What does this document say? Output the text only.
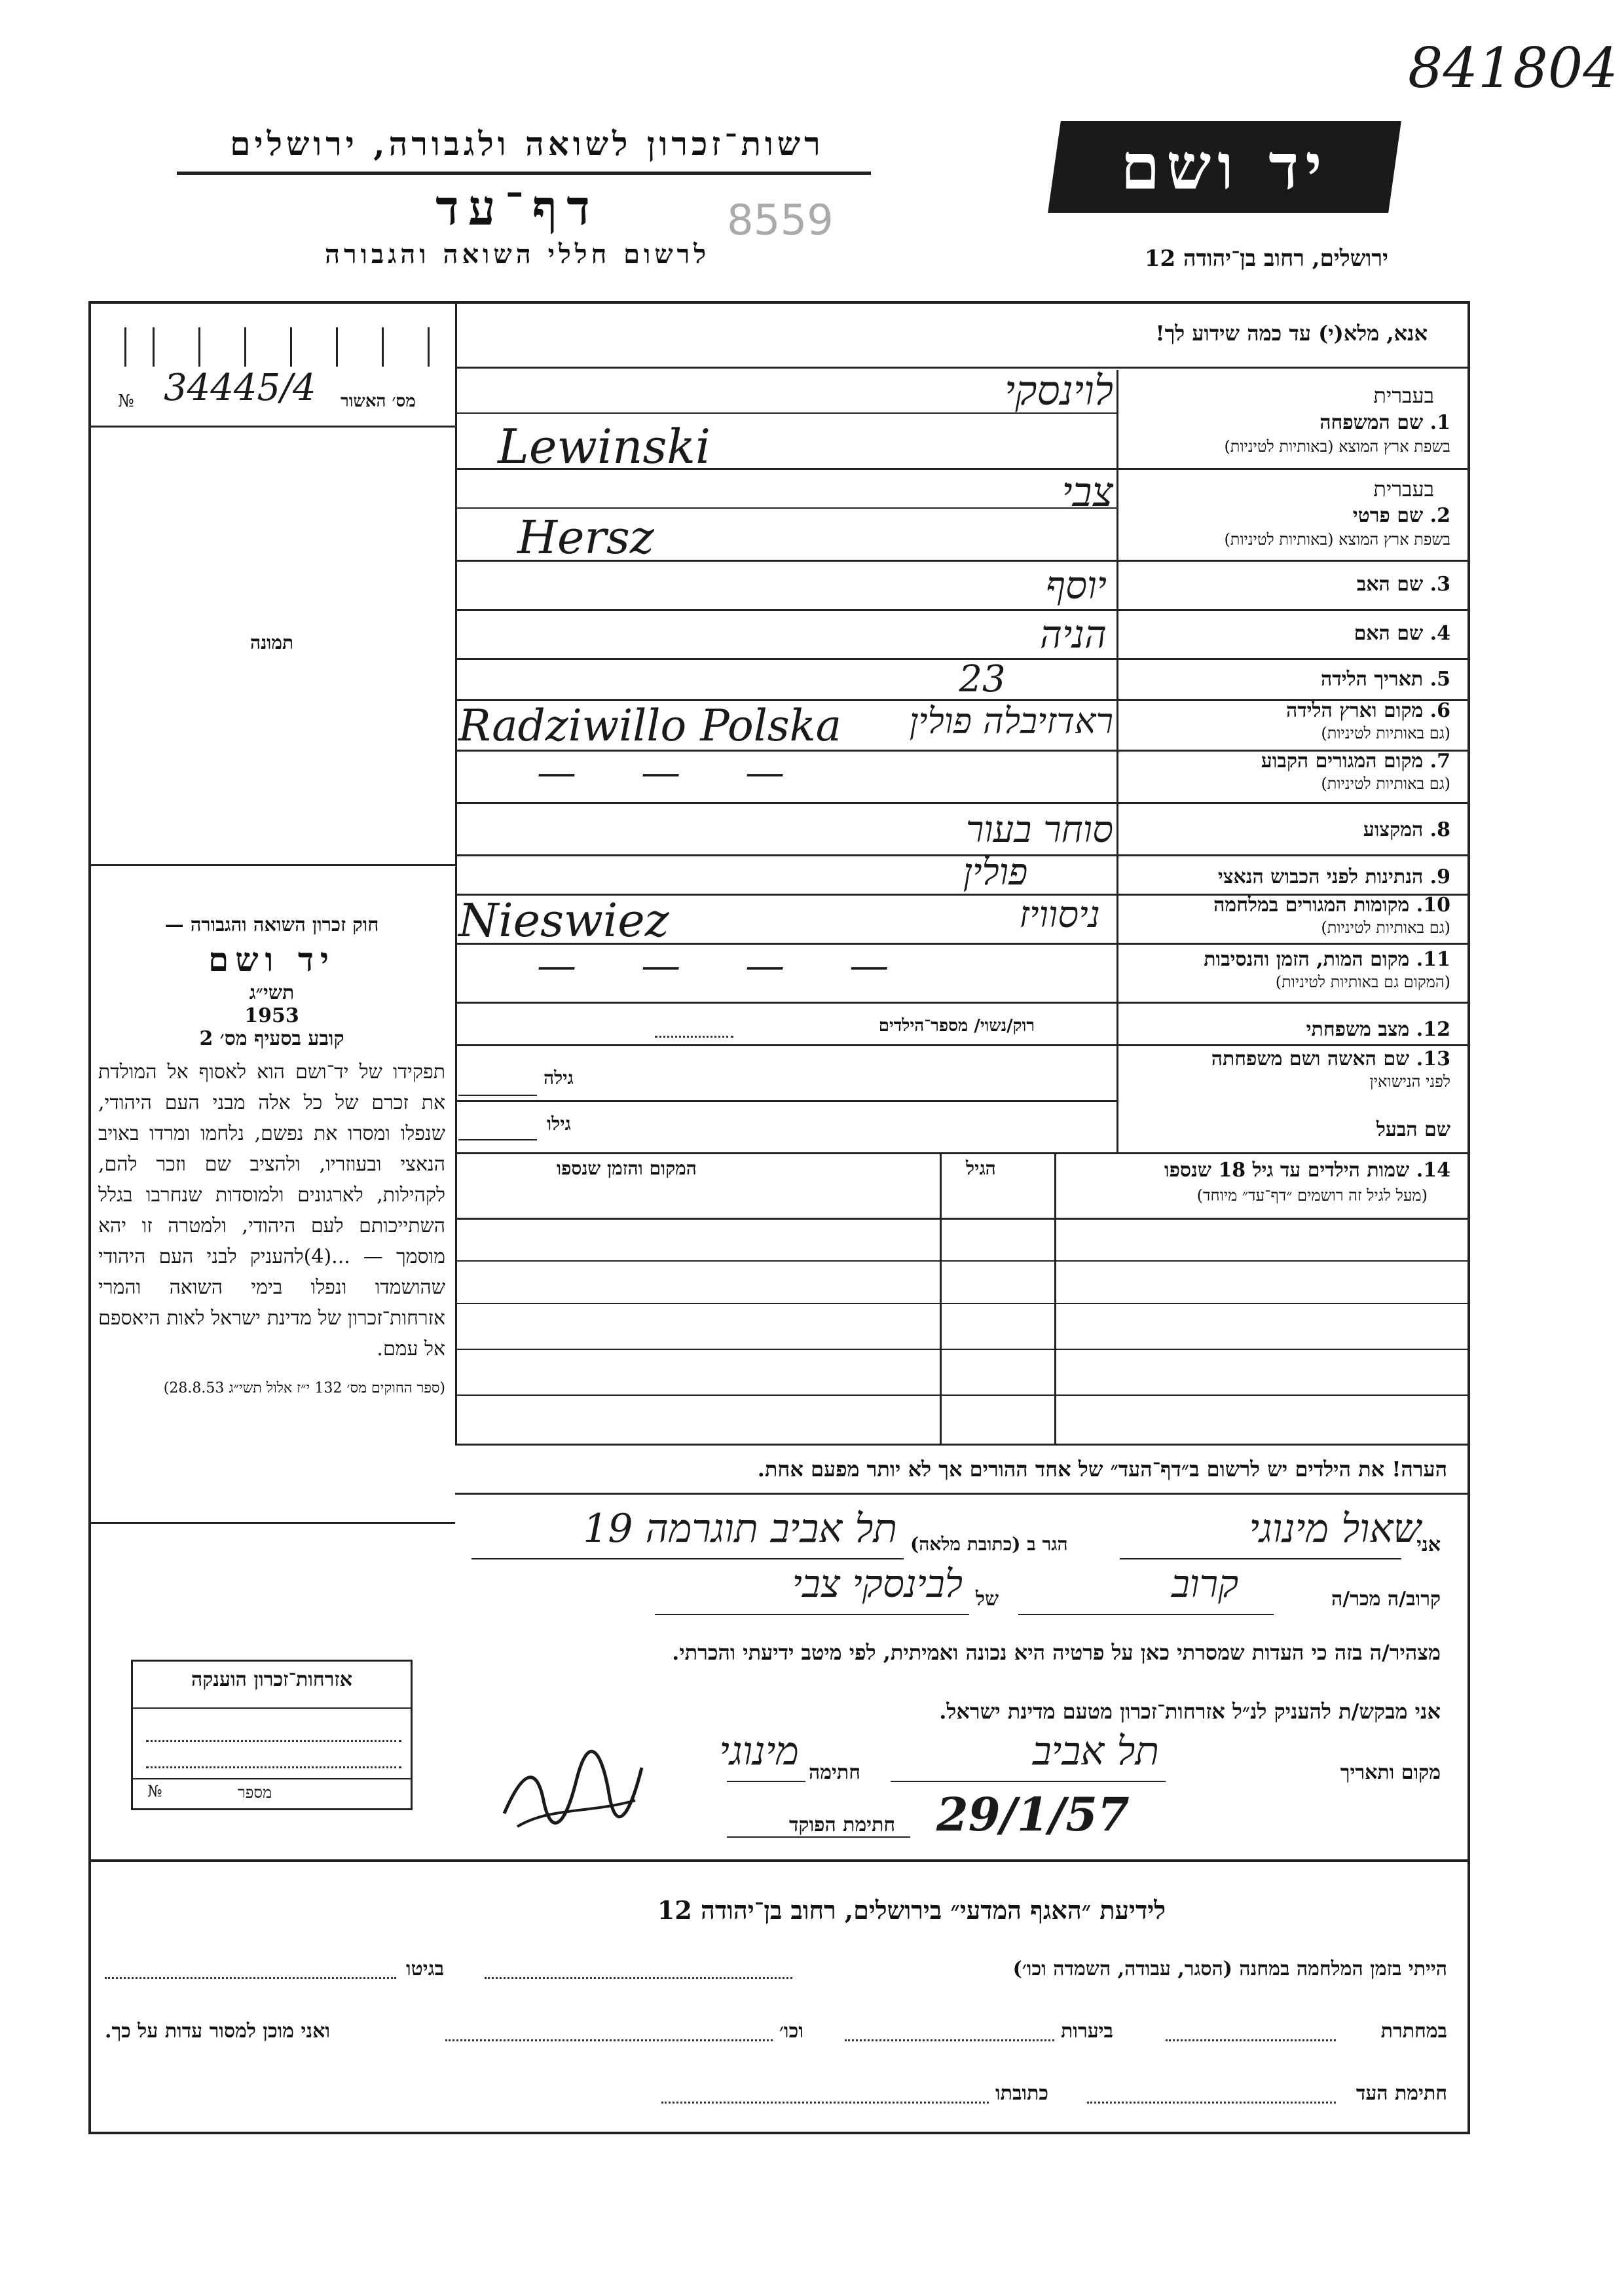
841804
רשות־זכרון לשואה ולגבורה, ירושלים
דף־עד	8559
לרשום חללי השואה והגבורה
יד ושם
ירושלים, רחוב בן־יהודה 12
אנא, מלא(י) עד כמה שידוע לך!
№ 34445/4 מס׳ האשור
תמונה
בעברית
1. שם המשפחה
בשפת ארץ המוצא (באותיות לטיניות)
לוינסקי
Lewinski
בעברית
2. שם פרטי
בשפת ארץ המוצא (באותיות לטיניות)
צבי
Hersz
3. שם האב
יוסף
4. שם האם
הניה
5. תאריך הלידה
23
6. מקום וארץ הלידה
(גם באותיות לטיניות)
ראדזיבלה פולין
Radziwillo Polska
7. מקום המגורים הקבוע
(גם באותיות לטיניות)
— — —
8. המקצוע
סוחר בעור
9. הנתינות לפני הכבוש הנאצי
פולין
10. מקומות המגורים במלחמה
(גם באותיות לטיניות)
ניסוויז
Nieswiez
11. מקום המות, הזמן והנסיבות
(המקום גם באותיות לטיניות)
— — — —
12. מצב משפחתי
רוק/נשוי/ מספר־הילדים
13. שם האשה ושם משפחתה
לפני הנישואין
גילה
שם הבעל
גילו
14. שמות הילדים עד גיל 18 שנספו
(מעל לגיל זה רושמים ״דף־עד״ מיוחד)
הגיל
המקום והזמן שנספו
חוק זכרון השואה והגבורה —
יד ושם
תשי״ג
1953
קובע בסעיף מס׳ 2
תפקידו של יד־ושם הוא לאסוף אל המולדת את זכרם של כל אלה מבני העם היהודי, שנפלו ומסרו את נפשם, נלחמו ומרדו באויב הנאצי ובעוזריו, ולהציב שם וזכר להם, לקהילות, לארגונים ולמוסדות שנחרבו בגלל השתייכותם לעם היהודי, ולמטרה זו יהא מוסמך — ...(4)להעניק לבני העם היהודי שהושמדו ונפלו בימי השואה והמרי אזרחות־זכרון של מדינת ישראל לאות היאספם אל עמם.
(ספר החוקים מס׳ 132 י״ז אלול תשי״ג 28.8.53)
הערה! את הילדים יש לרשום ב״דף־העד״ של אחד ההורים אך לא יותר מפעם אחת.
אני
שאול מינוגי
הגר ב (כתובת מלאה)
תל אביב תוגרמה 19
קרוב/ה מכר/ה
קרוב
של
לבינסקי צבי
מצהיר/ה בזה כי העדות שמסרתי כאן על פרטיה היא נכונה ואמיתית, לפי מיטב ידיעתי והכרתי.
אזרחות־זכרון הוענקה
№	מספר
אני מבקש/ת להעניק לנ״ל אזרחות־זכרון מטעם מדינת ישראל.
מקום ותאריך
תל אביב
29/1/57
חתימה
מינוגי
חתימת הפוקד
לידיעת ״האגף המדעי״ בירושלים, רחוב בן־יהודה 12
הייתי בזמן המלחמה במחנה (הסגר, עבודה, השמדה וכו׳)
בגיטו
במחתרת
ביערות
וכו׳
ואני מוכן למסור עדות על כך.
חתימת העד
כתובתו
